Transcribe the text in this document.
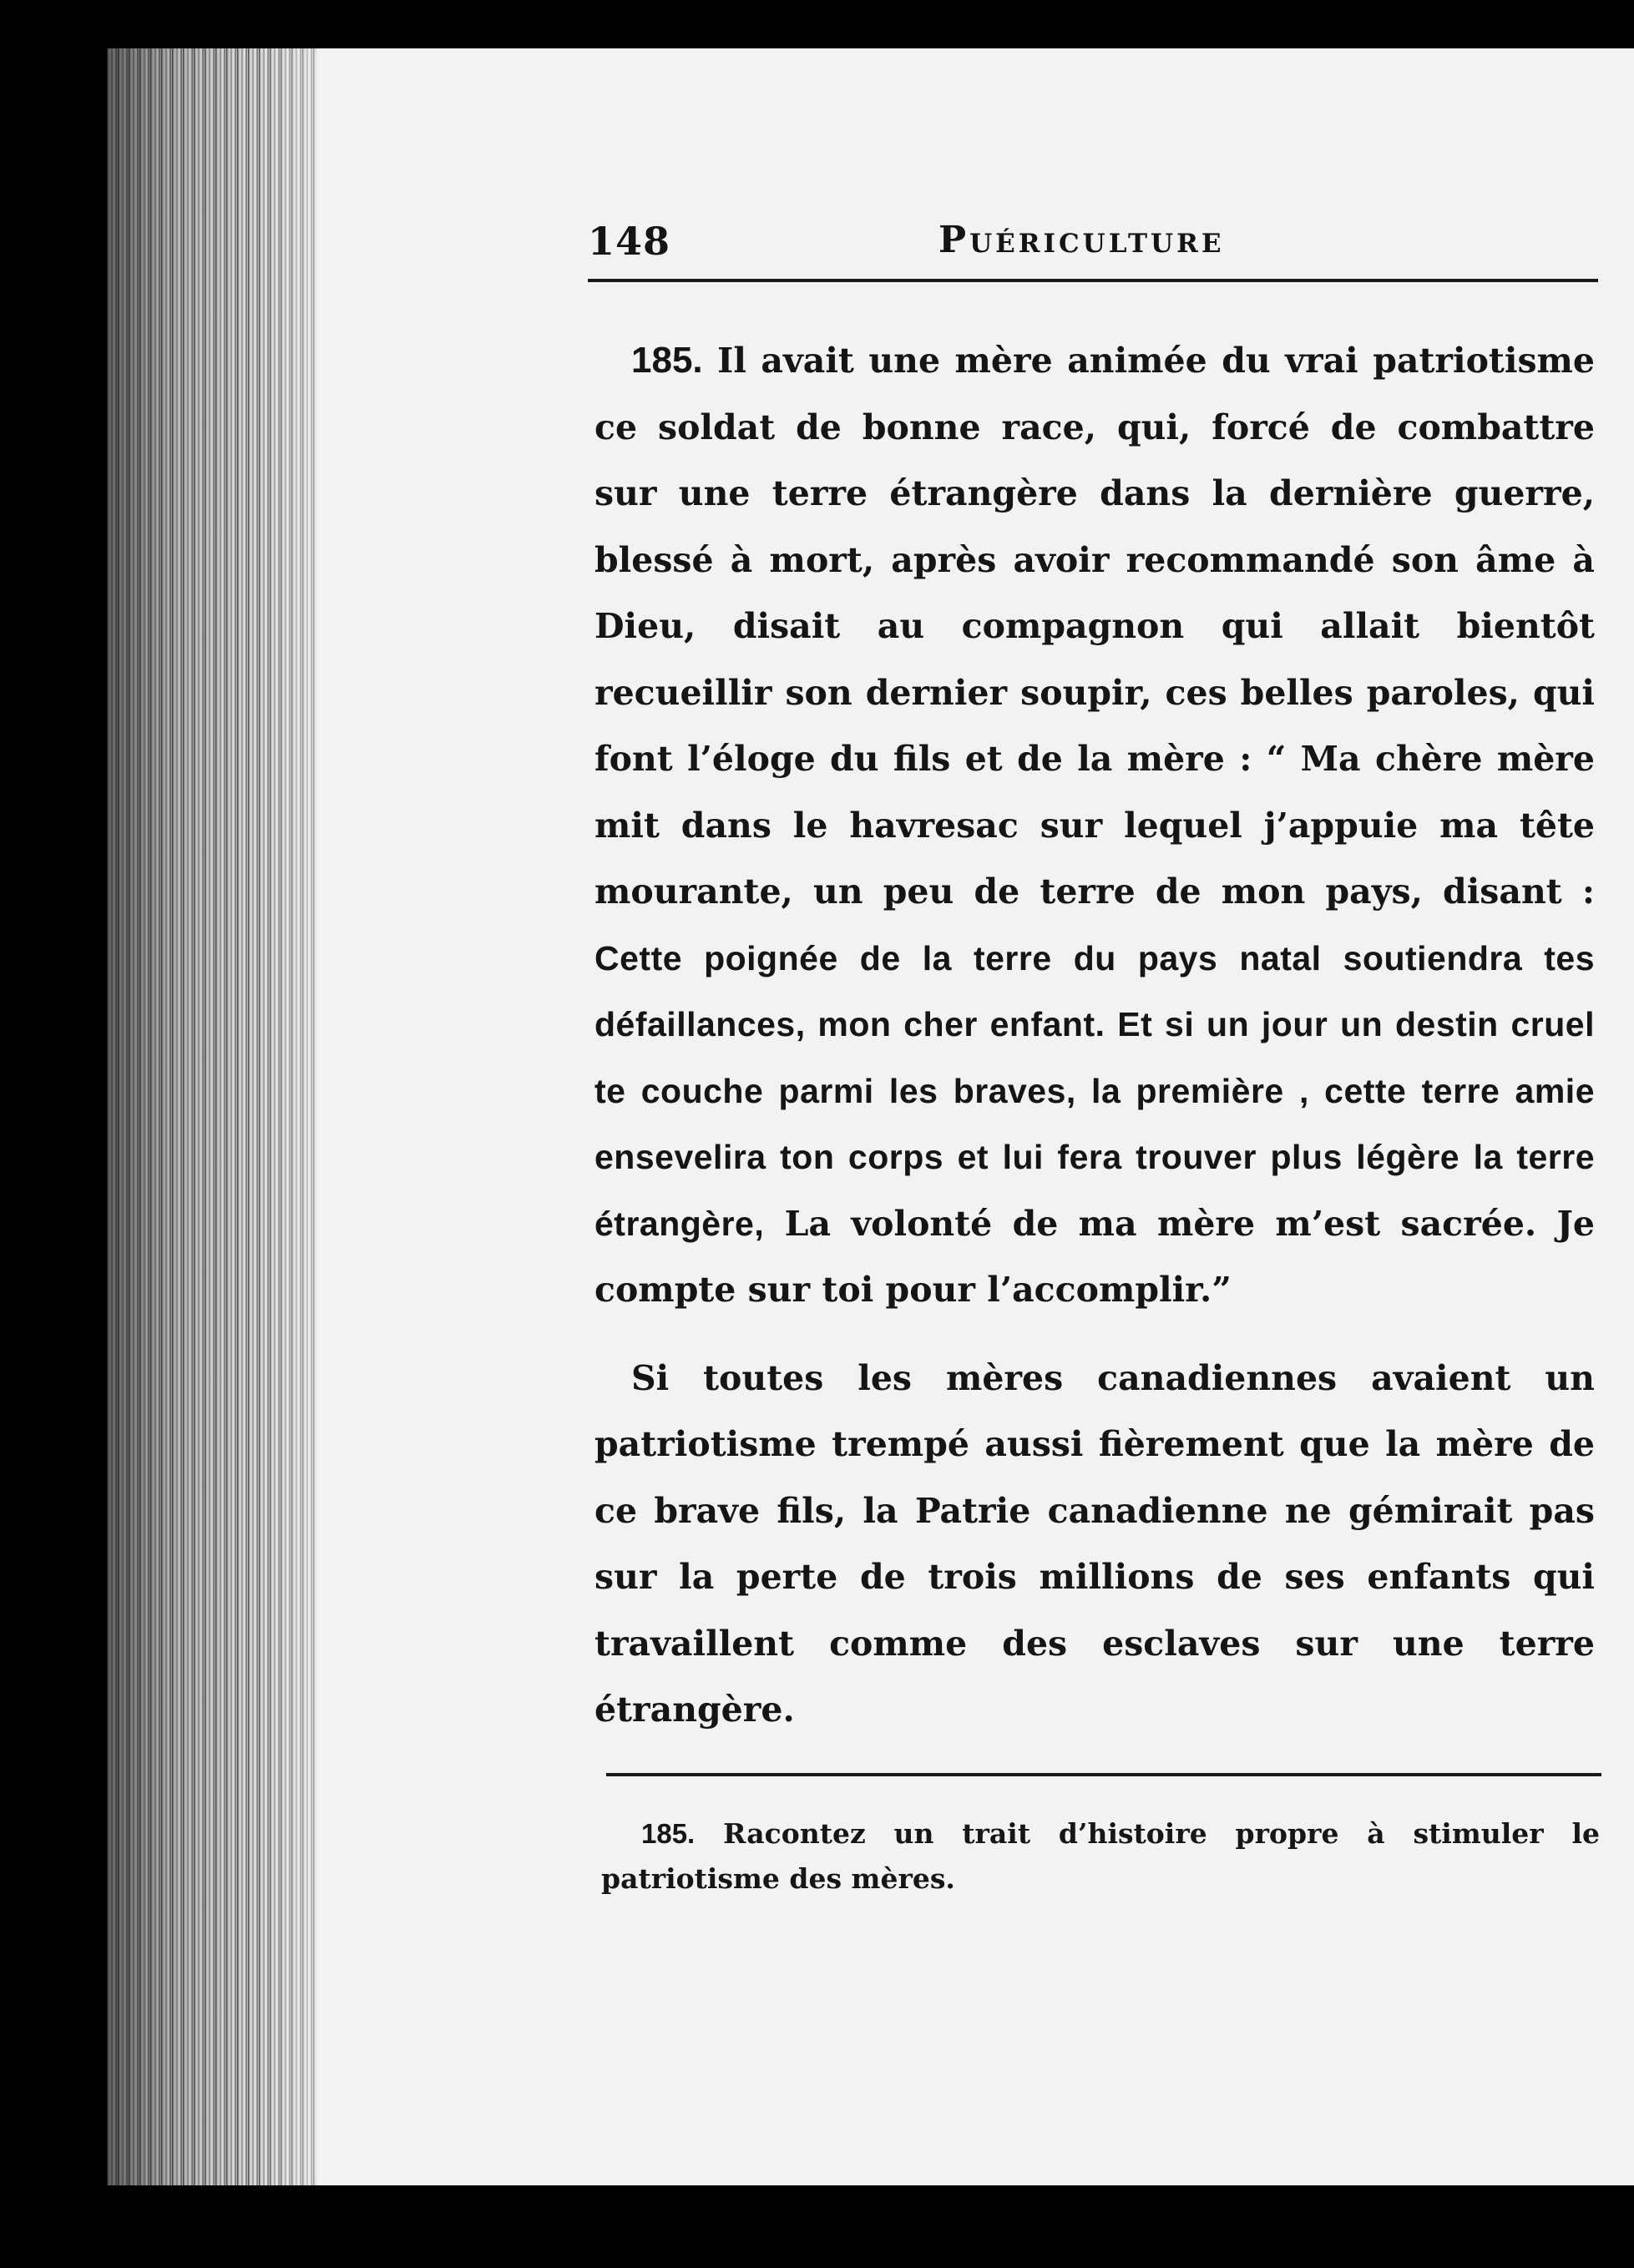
148	Puériculture

185. Il avait une mère animée du vrai patriotisme ce soldat de bonne race, qui, forcé de combattre sur une terre étrangère dans la dernière guerre, blessé à mort, après avoir recommandé son âme à Dieu, disait au compagnon qui allait bientôt recueillir son dernier soupir, ces belles paroles, qui font l’éloge du fils et de la mère : “ Ma chère mère mit dans le havresac sur lequel j’appuie ma tête mourante, un peu de terre de mon pays, disant : Cette poignée de la terre du pays natal soutiendra tes défaillances, mon cher enfant. Et si un jour un destin cruel te couche parmi les braves, la première , cette terre amie ensevelira ton corps et lui fera trouver plus légère la terre étrangère, La volonté de ma mère m’est sacrée. Je compte sur toi pour l’accomplir.”

Si toutes les mères canadiennes avaient un patriotisme trempé aussi fièrement que la mère de ce brave fils, la Patrie canadienne ne gémirait pas sur la perte de trois millions de ses enfants qui travaillent comme des esclaves sur une terre étrangère.

185. Racontez un trait d’histoire propre à stimuler le patriotisme des mères.
